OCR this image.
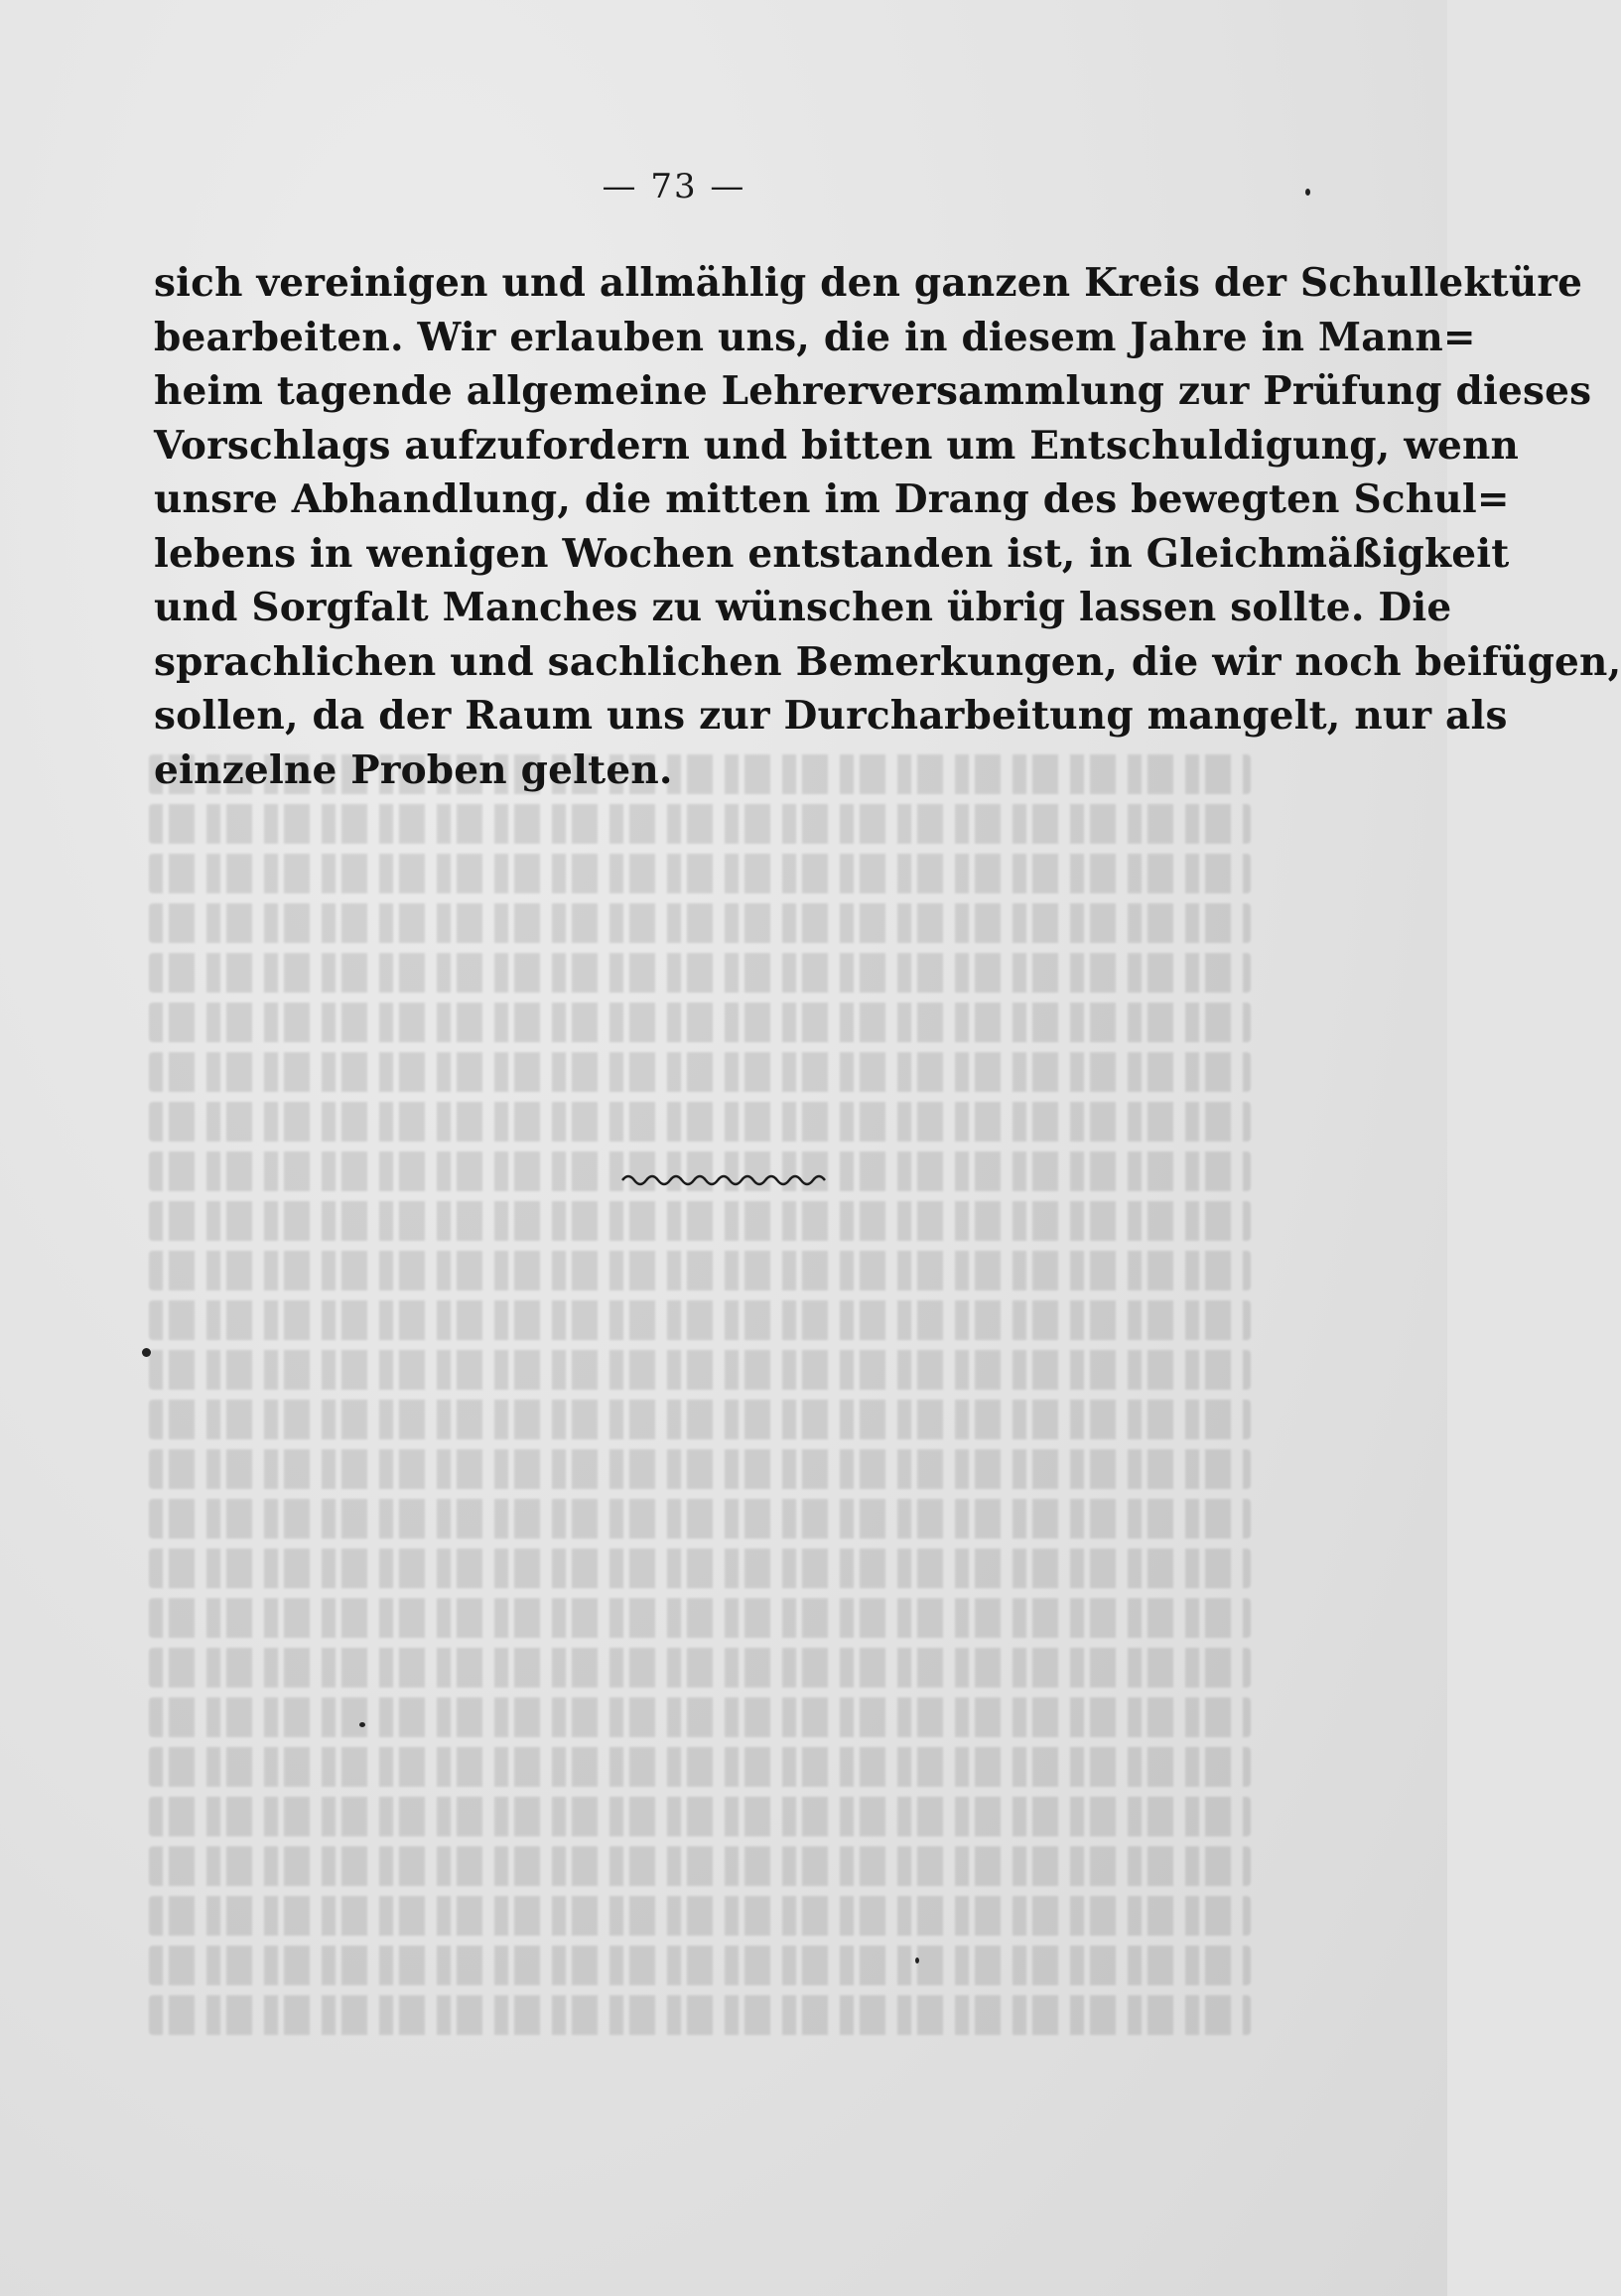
— 73 —
sich vereinigen und allmählig den ganzen Kreis der Schullektüre
bearbeiten. Wir erlauben uns, die in diesem Jahre in Mann=
heim tagende allgemeine Lehrerversammlung zur Prüfung dieses
Vorschlags aufzufordern und bitten um Entschuldigung, wenn
unsre Abhandlung, die mitten im Drang des bewegten Schul=
lebens in wenigen Wochen entstanden ist, in Gleichmäßigkeit
und Sorgfalt Manches zu wünschen übrig lassen sollte. Die
sprachlichen und sachlichen Bemerkungen, die wir noch beifügen,
sollen, da der Raum uns zur Durcharbeitung mangelt, nur als
einzelne Proben gelten.
